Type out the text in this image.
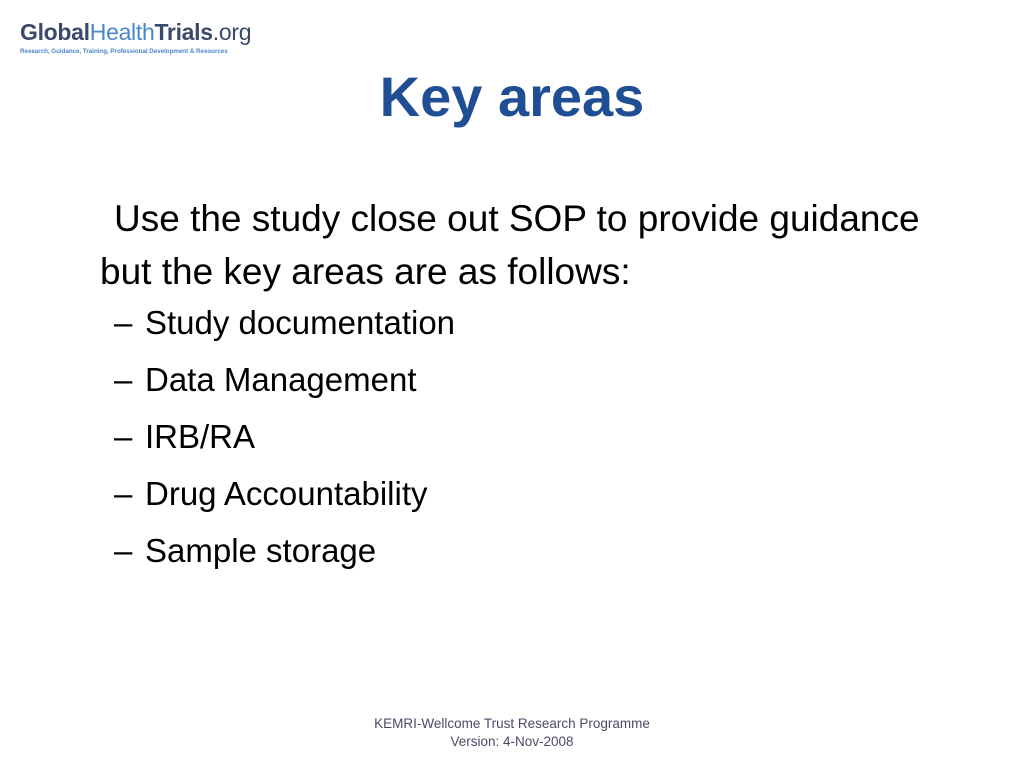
GlobalHealthTrials.org
Research, Guidance, Training, Professional Development & Resources
Key areas

Use the study close out SOP to provide guidance but the key areas are as follows:

– Study documentation
– Data Management
– IRB/RA
– Drug Accountability
– Sample storage
KEMRI-Wellcome Trust Research Programme
Version: 4-Nov-2008
